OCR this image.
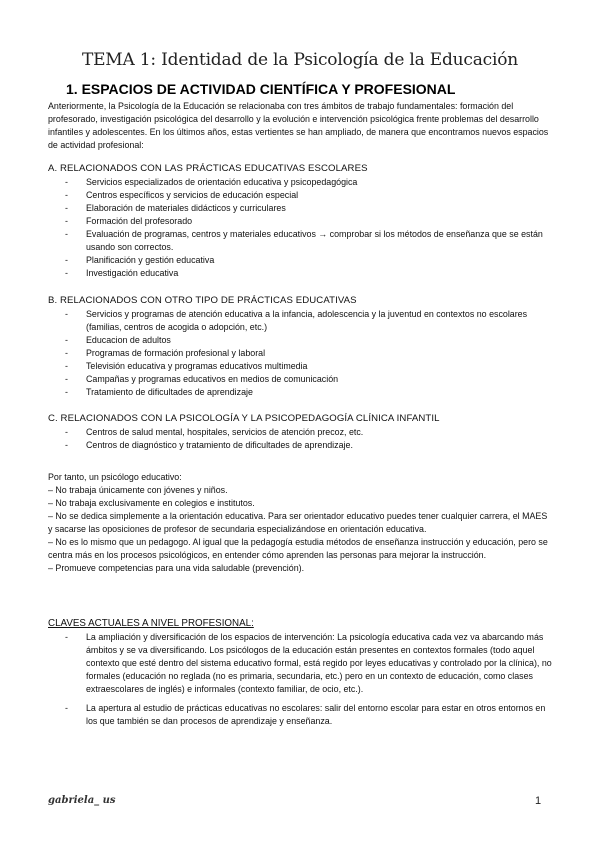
TEMA 1: Identidad de la Psicología de la Educación
1. ESPACIOS DE ACTIVIDAD CIENTÍFICA Y PROFESIONAL

Anteriormente, la Psicología de la Educación se relacionaba con tres ámbitos de trabajo fundamentales: formación del profesorado, investigación psicológica del desarrollo y la evolución e intervención psicológica frente problemas del desarrollo infantiles y adolescentes. En los últimos años, estas vertientes se han ampliado, de manera que encontramos nuevos espacios de actividad profesional:

A. RELACIONADOS CON LAS PRÁCTICAS EDUCATIVAS ESCOLARES

- Servicios especializados de orientación educativa y psicopedagógica
- Centros específicos y servicios de educación especial
- Elaboración de materiales didácticos y curriculares
- Formación del profesorado
- Evaluación de programas, centros y materiales educativos → comprobar si los métodos de enseñanza que se están usando son correctos.
- Planificación y gestión educativa
- Investigación educativa

B. RELACIONADOS CON OTRO TIPO DE PRÁCTICAS EDUCATIVAS

- Servicios y programas de atención educativa a la infancia, adolescencia y la juventud en contextos no escolares (familias, centros de acogida o adopción, etc.)
- Educacion de adultos
- Programas de formación profesional y laboral
- Televisión educativa y programas educativos multimedia
- Campañas y programas educativos en medios de comunicación
- Tratamiento de dificultades de aprendizaje

C. RELACIONADOS CON LA PSICOLOGÍA Y LA PSICOPEDAGOGÍA CLÍNICA INFANTIL

- Centros de salud mental, hospitales, servicios de atención precoz, etc.
- Centros de diagnóstico y tratamiento de dificultades de aprendizaje.

Por tanto, un psicólogo educativo:

– No trabaja únicamente con jóvenes y niños.

– No trabaja exclusivamente en colegios e institutos.

– No se dedica simplemente a la orientación educativa. Para ser orientador educativo puedes tener cualquier carrera, el MAES y sacarse las oposiciones de profesor de secundaria especializándose en orientación educativa.

– No es lo mismo que un pedagogo. Al igual que la pedagogía estudia métodos de enseñanza instrucción y educación, pero se centra más en los procesos psicológicos, en entender cómo aprenden las personas para mejorar la instrucción.

– Promueve competencias para una vida saludable (prevención).

CLAVES ACTUALES A NIVEL PROFESIONAL:

- La ampliación y diversificación de los espacios de intervención: La psicología educativa cada vez va abarcando más ámbitos y se va diversificando. Los psicólogos de la educación están presentes en contextos formales (todo aquel contexto que esté dentro del sistema educativo formal, está regido por leyes educativas y controlado por la clínica), no formales (educación no reglada (no es primaria, secundaria, etc.) pero en un contexto de educación, como clases extraescolares de inglés) e informales (contexto familiar, de ocio, etc.).
- La apertura al estudio de prácticas educativas no escolares: salir del entorno escolar para estar en otros entornos en los que también se dan procesos de aprendizaje y enseñanza.
gabriela_ us	1
